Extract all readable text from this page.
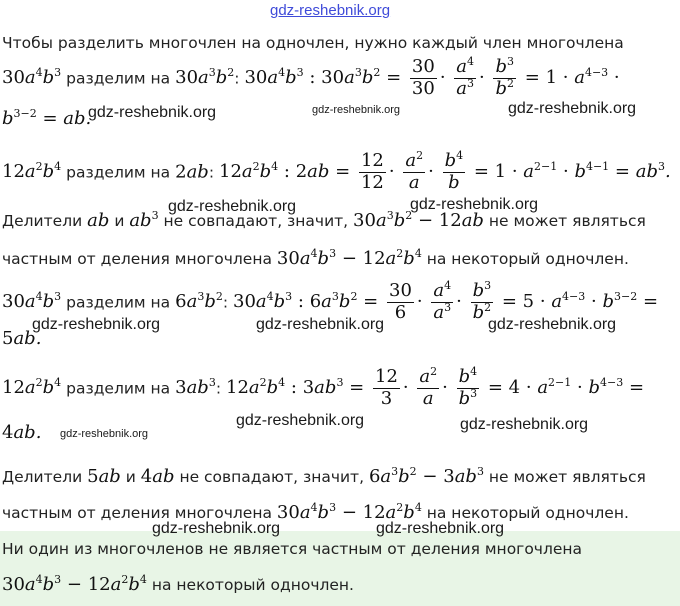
gdz-reshebnik.org
Чтобы разделить многочлен на одночлен, нужно каждый член многочлена
$30a^4b^3$ разделим на $30a^3b^2$: $30a^4b^3$ : $30a^3b^2 = \frac{30}{30} \cdot \frac{a^4}{a^3} \cdot \frac{b^3}{b^2} = 1 \cdot a^{4-3}$ ·
$b^{3-2}$ = ab.
$12a^2b^4$ разделим на 2ab: $12a^2b^4$ : $2ab = \frac{12}{12} \cdot \frac{a^2}{a} \cdot \frac{b^4}{b} = 1 \cdot a^{2-1} \cdot b^{4-1} = ab^3$.
Делители ab и $ab^3$ не совпадают, значит, $30a^3b^2 - 12ab$ не может являться
частным от деления многочлена $30a^4b^3 - 12a^2b^4$ на некоторый одночлен.
$30a^4b^3$ разделим на $6a^3b^2$: $30a^4b^3$ : $6a^3b^2 = \frac{30}{6} \cdot \frac{a^4}{a^3} \cdot \frac{b^3}{b^2} = 5 \cdot a^{4-3} \cdot b^{3-2}$ =
5ab.
$12a^2b^4$ разделим на $3ab^3$: $12a^2b^4$ : $3ab^3 = \frac{12}{3} \cdot \frac{a^2}{a} \cdot \frac{b^4}{b^3} = 4 \cdot a^{2-1} \cdot b^{4-3}$ =
4ab.
Делители 5ab и 4ab не совпадают, значит, $6a^3b^2 - 3ab^3$ не может являться
частным от деления многочлена $30a^4b^3 - 12a^2b^4$ на некоторый одночлен.
Ни один из многочленов не является частным от деления многочлена
$30a^4b^3 - 12a^2b^4$ на некоторый одночлен.
gdz-reshebnik.org	gdz-reshebnik.org	gdz-reshebnik.org
gdz-reshebnik.org	gdz-reshebnik.org
gdz-reshebnik.org	gdz-reshebnik.org	gdz-reshebnik.org
gdz-reshebnik.org
gdz-reshebnik.org	gdz-reshebnik.org
gdz-reshebnik.org	gdz-reshebnik.org
